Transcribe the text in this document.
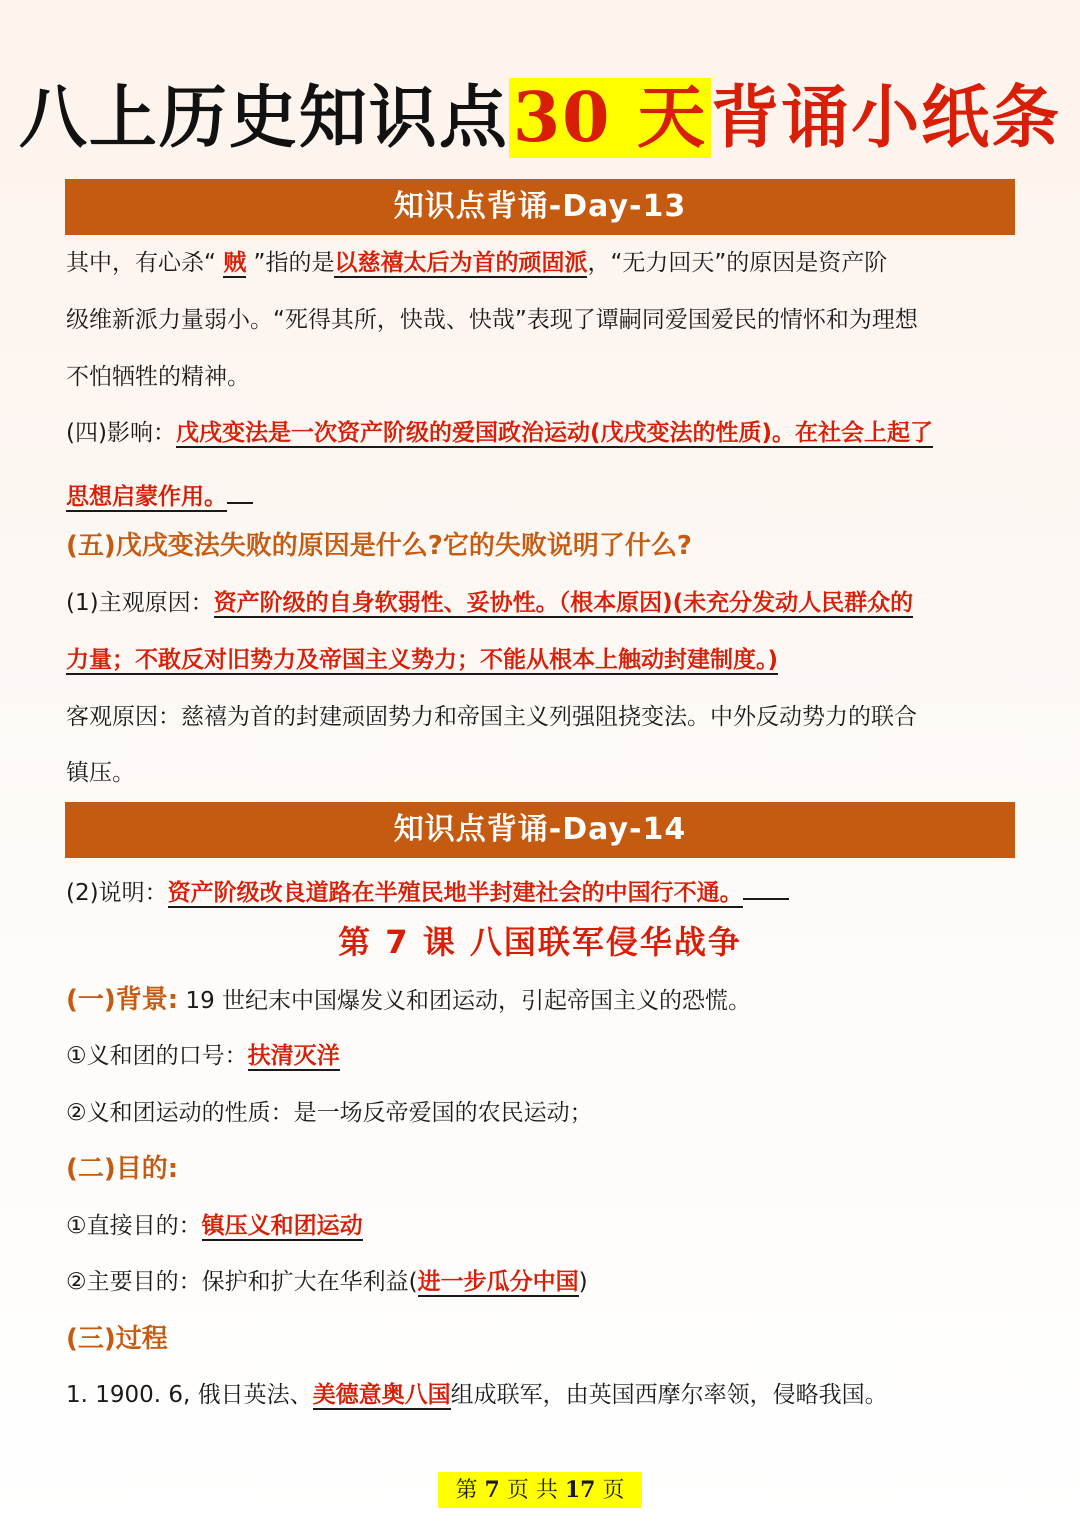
八上历史知识点30 天背诵小纸条
知识点背诵-Day-13
其中，有心杀“ 贼 ”指的是以慈禧太后为首的顽固派，“无力回天”的原因是资产阶
级维新派力量弱小。“死得其所，快哉、快哉”表现了谭嗣同爱国爱民的情怀和为理想
不怕牺牲的精神。
(四)影响：戊戌变法是一次资产阶级的爱国政治运动(戊戌变法的性质)。在社会上起了
思想启蒙作用。
(五)戊戌变法失败的原因是什么?它的失败说明了什么?
(1)主观原因：资产阶级的自身软弱性、妥协性。（根本原因)(未充分发动人民群众的
力量；不敢反对旧势力及帝国主义势力；不能从根本上触动封建制度。)
客观原因：慈禧为首的封建顽固势力和帝国主义列强阻挠变法。中外反动势力的联合
镇压。
知识点背诵-Day-14
(2)说明：资产阶级改良道路在半殖民地半封建社会的中国行不通。
第 7 课 八国联军侵华战争
(一)背景: 19 世纪末中国爆发义和团运动，引起帝国主义的恐慌。
①义和团的口号：扶清灭洋
②义和团运动的性质：是一场反帝爱国的农民运动；
(二)目的:
①直接目的：镇压义和团运动
②主要目的：保护和扩大在华利益(进一步瓜分中国)
(三)过程
1. 1900. 6, 俄日英法、美德意奥八国组成联军，由英国西摩尔率领，侵略我国。
第 7 页 共 17 页
